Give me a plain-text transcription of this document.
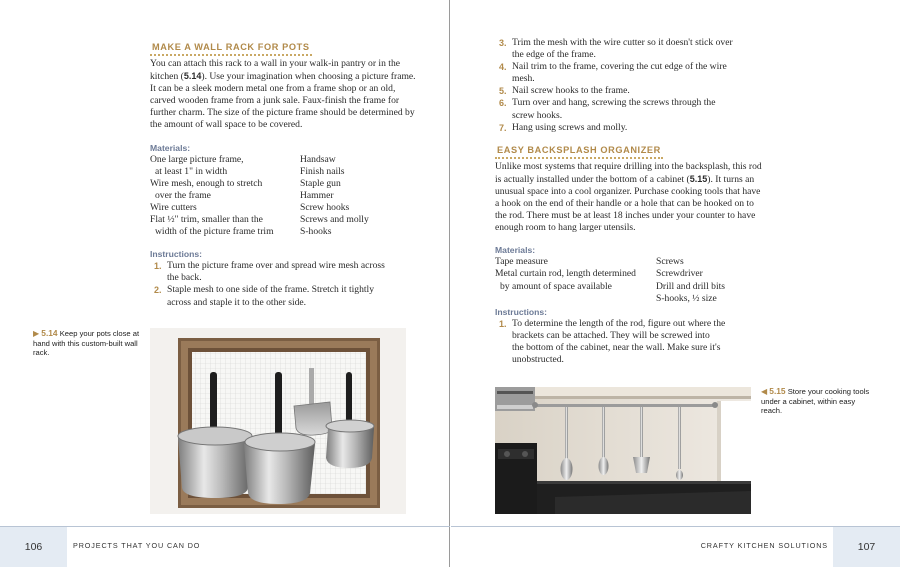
MAKE A WALL RACK FOR POTS

You can attach this rack to a wall in your walk-in pantry or in the kitchen (5.14). Use your imagination when choosing a picture frame. It can be a sleek modern metal one from a frame shop or an old, carved wooden frame from a junk sale. Faux-finish the frame for further charm. The size of the picture frame should be determined by the amount of wall space to be covered.

Materials:
One large picture frame,
at least 1" in width
Wire mesh, enough to stretch
over the frame
Wire cutters
Flat ½" trim, smaller than the
width of the picture frame trim
Handsaw
Finish nails
Staple gun
Hammer
Screw hooks
Screws and molly
S-hooks
Instructions:
1. Turn the picture frame over and spread wire mesh across
the back.
2. Staple mesh to one side of the frame. Stretch it tightly
across and staple it to the other side.
▶ 5.14 Keep your pots close at hand with this custom-built wall rack.
106	PROJECTS THAT YOU CAN DO
3. Trim the mesh with the wire cutter so it doesn't stick over
the edge of the frame.
4. Nail trim to the frame, covering the cut edge of the wire
mesh.
5. Nail screw hooks to the frame.
6. Turn over and hang, screwing the screws through the
screw hooks.
7. Hang using screws and molly.
EASY BACKSPLASH ORGANIZER

Unlike most systems that require drilling into the backsplash, this rod is actually installed under the bottom of a cabinet (5.15). It turns an unusual space into a cool organizer. Purchase cooking tools that have a hook on the end of their handle or a hole that can be hooked on to the rod. There must be at least 18 inches under your counter to have enough room to hang larger utensils.

Materials:
Tape measure
Metal curtain rod, length determined
by amount of space available
Screws
Screwdriver
Drill and drill bits
S-hooks, ½ size
Instructions:
1. To determine the length of the rod, figure out where the
brackets can be attached. They will be screwed into
the bottom of the cabinet, near the wall. Make sure it's
unobstructed.
◀ 5.15 Store your cooking tools under a cabinet, within easy reach.
107
CRAFTY KITCHEN SOLUTIONS
